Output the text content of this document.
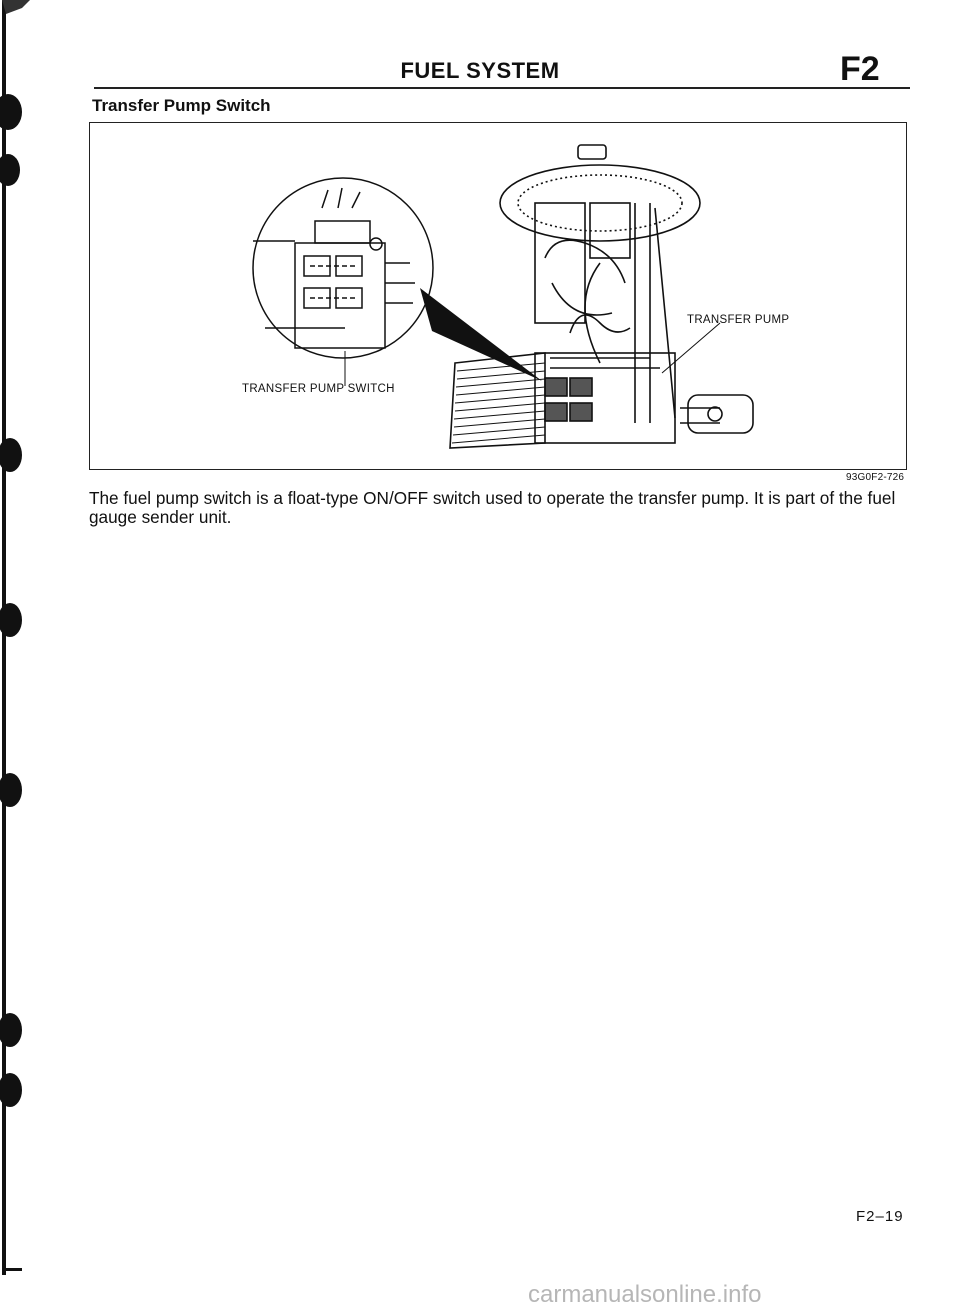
FUEL SYSTEM	F2
Transfer Pump Switch
TRANSFER PUMP
TRANSFER PUMP SWITCH
93G0F2-726
The fuel pump switch is a float-type ON/OFF switch used to operate the transfer pump. It is part of the fuel gauge sender unit.
F2–19
carmanualsonline.info
